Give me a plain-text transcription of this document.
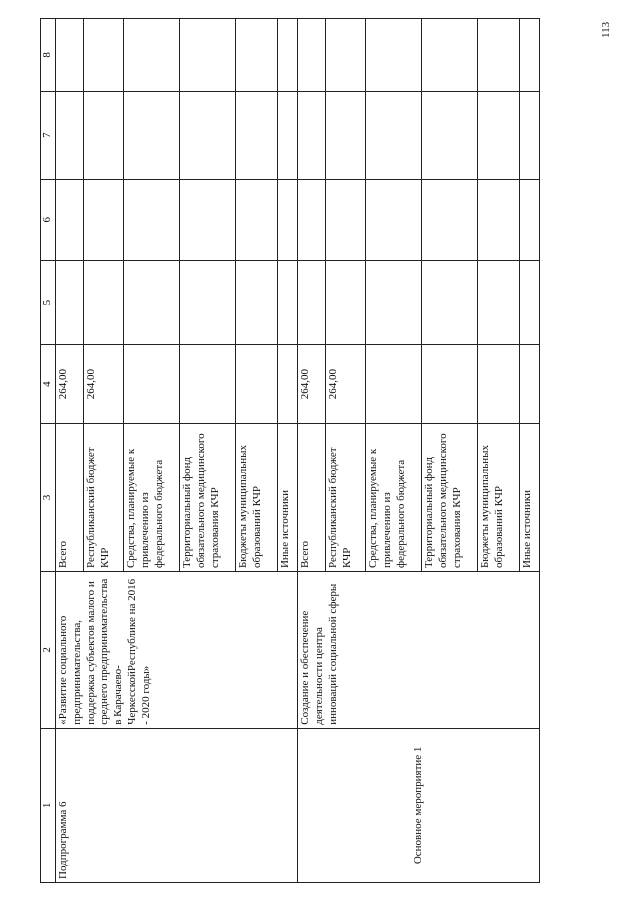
113
1	2	3	4	5	6	7	8
Подпрограмма 6	«Развитие социального предпринимательства, поддержка субъектов малого и среднего предпринимательства в Карачаево-ЧеркесскойРеспублике на 2016 - 2020 годы»	Всего	264,00				
		Республиканский бюджет КЧР	264,00				
		Средства, планируемые к привлечению из федерального бюджета					
		Территориальный фонд обязательного медицинского страхования КЧР					
		Бюджеты муниципальных образований КЧР					
		Иные источники					
Основное мероприятие 1	Создание и обеспечение деятельности центра инноваций социальной сферы	Всего	264,00				
		Республиканский бюджет КЧР	264,00				
		Средства, планируемые к привлечению из федерального бюджета					
		Территориальный фонд обязательного медицинского страхования КЧР					
		Бюджеты муниципальных образований КЧР					
		Иные источники					
